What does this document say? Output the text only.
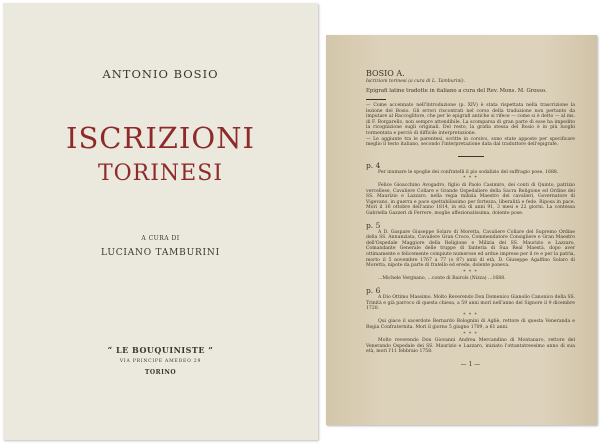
ANTONIO BOSIO
ISCRIZIONI
TORINESI
A CURA DI
LUCIANO TAMBURINI
“ LE BOUQUINISTE ”
VIA PRINCIPE AMEDEO 29
TORINO
BOSIO A.
Iscrizioni torinesi (a cura di L. Tamburini).
Epigrafi latine tradotte in italiano a cura del Rev. Mons. M. Grosso.
— Come accennato nell'Introduzione (p. XIV) è stata rispettata nella trascrizione la lezione del Bosio. Gli errori riscontrati nel corso della traduzione non pertanto da imputare al Raccoglitore, che per le epigrafi antiche si rifece — come si è detto — al ms. di F. Borgarello, non sempre attendibile. La scomparsa di gran parte di esse ha impedito la ricognizione sugli originali. Del resto, la grafia stessa del Bosio è in più luoghi tormentata e perciò di difficile interpretazione.
— Le aggiunte tra le parentesi, scritte in corsivo, sono state apposte per specificare meglio il testo italiano, secondo l'interpretazione data dal traduttore dell'epigrafe.
p. 4
Per inumare le spoglie dei confratelli il pio sodalizio del suffragio pose, 1688.
* * *
Felice Gioacchino Avogadro, figlio di Paolo Casimiro, dei conti di Quinto, patrizio vercellese, Cavaliere Collare e Grande Ospedaliere della Sacra Religione ed Ordine dei SS. Maurizio e Lazzaro, nella regia milizia Maestro dei cavalieri, Governatore di Vigevano, in guerra e pace spettabilissimo per fortezza, liberalità e fede. Riposa in pace. Morì il 16 ottobre dell'anno 1814, in età di anni 91, 3 mesi e 22 giorni. La contessa Gabriella Gazzeri di Ferrere, moglie affezionatissima, dolente pose.
p. 5
A D. Gaspare Giuseppe Solaro di Moretta, Cavaliere Collare del Supremo Ordine della SS. Annunziata, Cavaliere Gran Croce, Commendatore Consigliere e Gran Maestro dell'Ospedale Maggiore della Religione e Milizia dei SS. Maurizio e Lazzaro, Comandante Generale delle truppe di fanteria di Sua Real Maestà, dopo aver ottimamente e felicemente compiute numerose ed ardue imprese per il re e per la patria, morto il 5 novembre 1767 a 77 (o 87) anni di età, D. Giuseppe Agalfino Solaro di Moretta, nipote da parte di fratello ed erede, dolente poneva.
* * *
...Michele Vergnano, ...conte di Bairols (Nizza) ...1688.
p. 6
A Dio Ottimo Massimo. Molto Reverendo Don Domenico Gianolio Canonico della SS. Trinità e già parroco di questa chiesa, a 59 anni morì nell'anno del Signore il 9 dicembre 1720.
* * *
Qui giace il sacerdote Bernardo Bolognini di Agliè, rettore di questa Veneranda e Regia Confraternita. Morì il giorno 5 giugno 1709, a 61 anni.
* * *
Molto reverendo Don Giovanni Andrea Mercandino di Montanaro, rettore del Venerando Ospedale dei SS. Maurizio e Lazzaro, iniziato l'ottantatreesimo anno di sua età, morì l'11 febbraio 1758.
— 1 —
